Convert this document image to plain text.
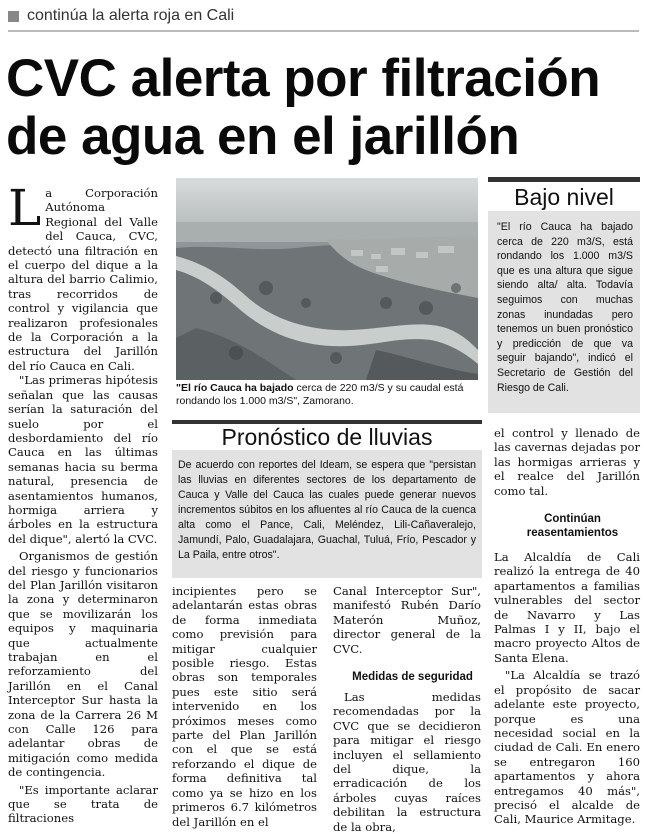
continúa la alerta roja en Cali
CVC alerta por filtración
de agua en el jarillón

La Corporación Autónoma Regional del Valle del Cauca, CVC, detectó una filtración en el cuerpo del dique a la altura del barrio Calimio, tras recorridos de control y vigilancia que realizaron profesionales de la Corporación a la estructura del Jarillón del río Cauca en Cali.

"Las primeras hipótesis señalan que las causas serían la saturación del suelo por el desbordamiento del río Cauca en las últimas semanas hacia su berma natural, presencia de asentamientos humanos, hormiga arriera y árboles en la estructura del dique", alertó la CVC.

Organismos de gestión del riesgo y funcionarios del Plan Jarillón visitaron la zona y determinaron que se movilizarán los equipos y maquinaria que actualmente trabajan en el reforzamiento del Jarillón en el Canal Interceptor Sur hasta la zona de la Carrera 26 M con Calle 126 para adelantar obras de mitigación como medida de contingencia.

"Es importante aclarar que se trata de filtraciones

"El río Cauca ha bajado cerca de 220 m3/S y su caudal está rondando los 1.000 m3/S", Zamorano.
Bajo nivel
"El río Cauca ha bajado cerca de 220 m3/S, está rondando los 1.000 m3/S que es una altura que sigue siendo alta/ alta. Todavía seguimos con muchas zonas inundadas pero tenemos un buen pronóstico y predicción de que va seguir bajando", indicó el Secretario de Gestión del Riesgo de Cali.
Pronóstico de lluvias
De acuerdo con reportes del Ideam, se espera que "persistan las lluvias en diferentes sectores de los departamento de Cauca y Valle del Cauca las cuales puede generar nuevos incrementos súbitos en los afluentes al río Cauca de la cuenca alta como el Pance, Cali, Meléndez, Lili-Cañaveralejo, Jamundí, Palo, Guadalajara, Guachal, Tuluá, Frío, Pescador y La Paila, entre otros".

incipientes pero se adelantarán estas obras de forma inmediata como previsión para mitigar cualquier posible riesgo. Estas obras son temporales pues este sitio será intervenido en los próximos meses como parte del Plan Jarillón con el que se está reforzando el dique de forma definitiva tal como ya se hizo en los primeros 6.7 kilómetros del Jarillón en el

Canal Interceptor Sur", manifestó Rubén Darío Materón Muñoz, director general de la CVC.

Medidas de seguridad

Las medidas recomendadas por la CVC que se decidieron para mitigar el riesgo incluyen el sellamiento del dique, la erradicación de los árboles cuyas raíces debilitan la estructura de la obra,

el control y llenado de las cavernas dejadas por las hormigas arrieras y el realce del Jarillón como tal.

Continúan

reasentamientos

La Alcaldía de Cali realizó la entrega de 40 apartamentos a familias vulnerables del sector de Navarro y Las Palmas I y II, bajo el macro proyecto Altos de Santa Elena.

"La Alcaldía se trazó el propósito de sacar adelante este proyecto, porque es una necesidad social en la ciudad de Cali. En enero se entregaron 160 apartamentos y ahora entregamos 40 más", precisó el alcalde de Cali, Maurice Armitage.
